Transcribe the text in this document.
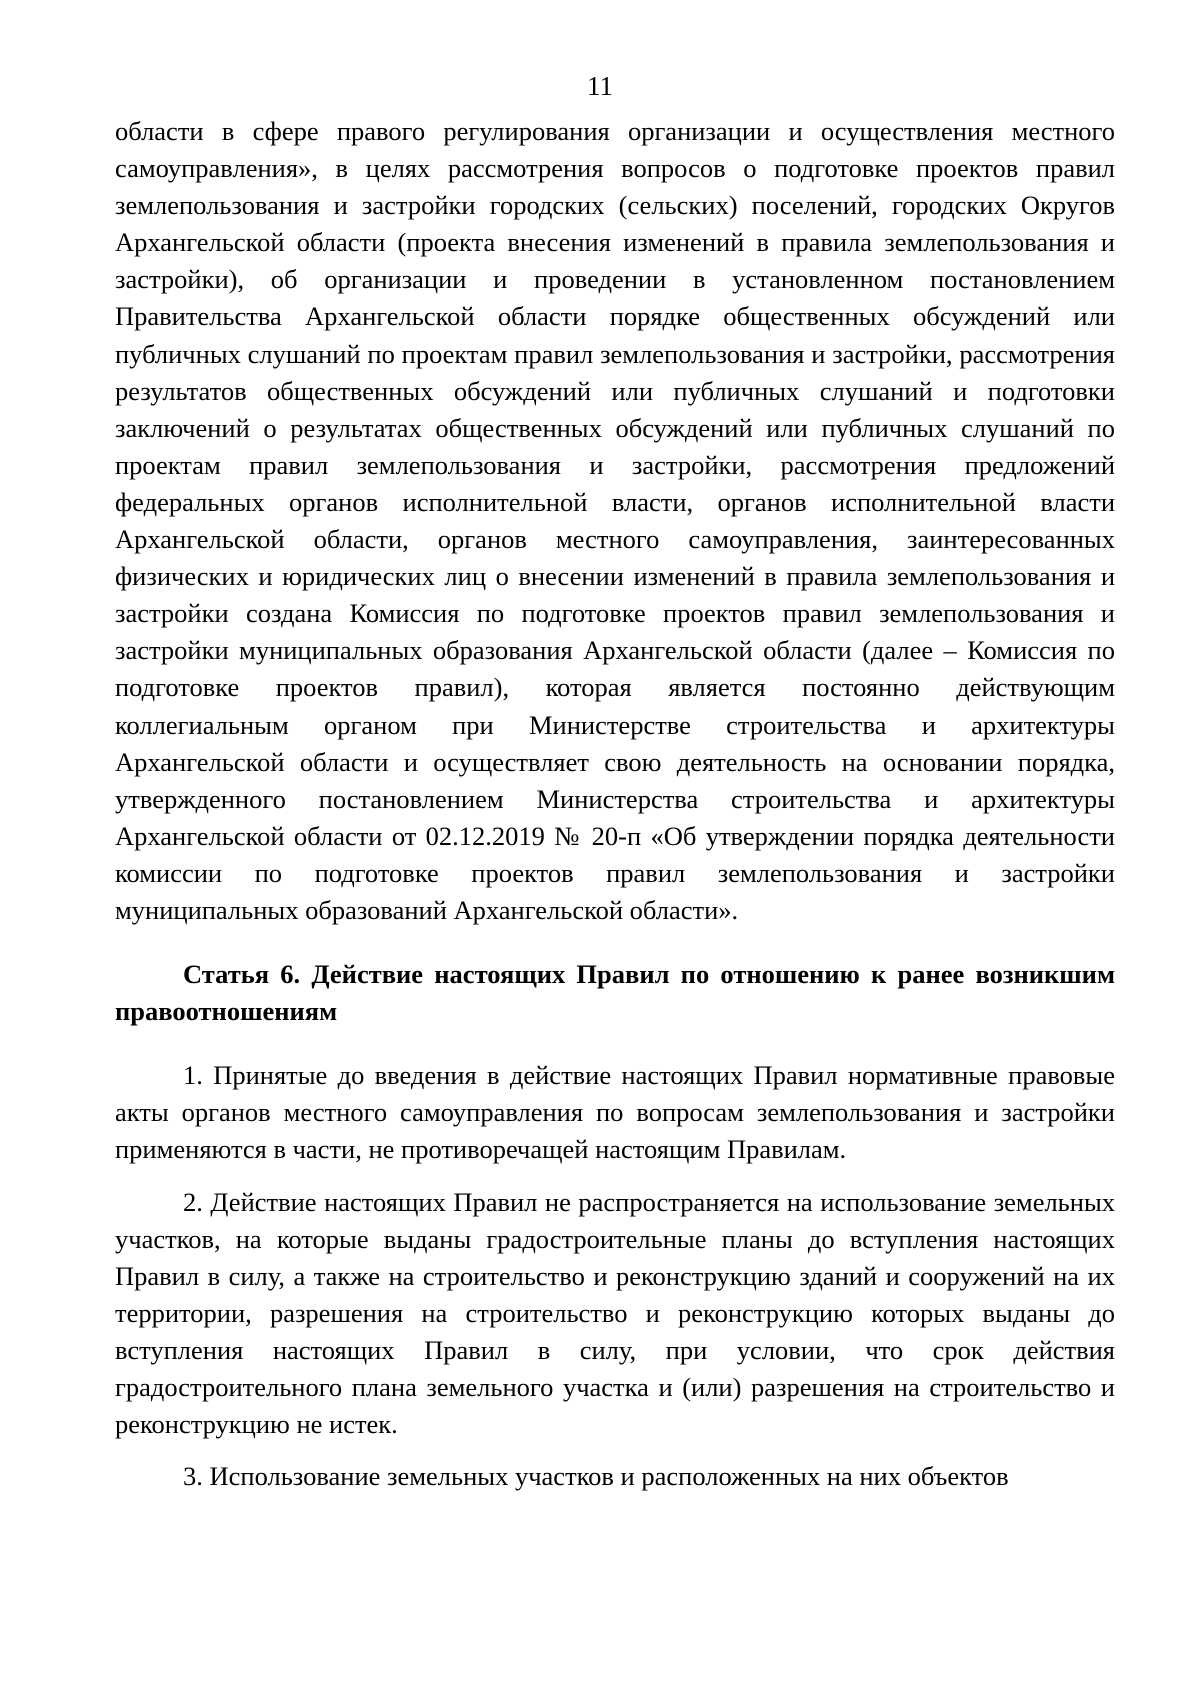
11

области в сфере правого регулирования организации и осуществления местного самоуправления», в целях рассмотрения вопросов о подготовке проектов правил землепользования и застройки городских (сельских) поселений, городских Округов Архангельской области (проекта внесения изменений в правила землепользования и застройки), об организации и проведении в установленном постановлением Правительства Архангельской области порядке общественных обсуждений или публичных слушаний по проектам правил землепользования и застройки, рассмотрения результатов общественных обсуждений или публичных слушаний и подготовки заключений о результатах общественных обсуждений или публичных слушаний по проектам правил землепользования и застройки, рассмотрения предложений федеральных органов исполнительной власти, органов исполнительной власти Архангельской области, органов местного самоуправления, заинтересованных физических и юридических лиц о внесении изменений в правила землепользования и застройки создана Комиссия по подготовке проектов правил землепользования и застройки муниципальных образования Архангельской области (далее – Комиссия по подготовке проектов правил), которая является постоянно действующим коллегиальным органом при Министерстве строительства и архитектуры Архангельской области и осуществляет свою деятельность на основании порядка, утвержденного постановлением Министерства строительства и архитектуры Архангельской области от 02.12.2019 № 20-п «Об утверждении порядка деятельности комиссии по подготовке проектов правил землепользования и застройки муниципальных образований Архангельской области».

Статья 6. Действие настоящих Правил по отношению к ранее возникшим правоотношениям

1. Принятые до введения в действие настоящих Правил нормативные правовые акты органов местного самоуправления по вопросам землепользования и застройки применяются в части, не противоречащей настоящим Правилам.

2. Действие настоящих Правил не распространяется на использование земельных участков, на которые выданы градостроительные планы до вступления настоящих Правил в силу, а также на строительство и реконструкцию зданий и сооружений на их территории, разрешения на строительство и реконструкцию которых выданы до вступления настоящих Правил в силу, при условии, что срок действия градостроительного плана земельного участка и (или) разрешения на строительство и реконструкцию не истек.

3. Использование земельных участков и расположенных на них объектов
